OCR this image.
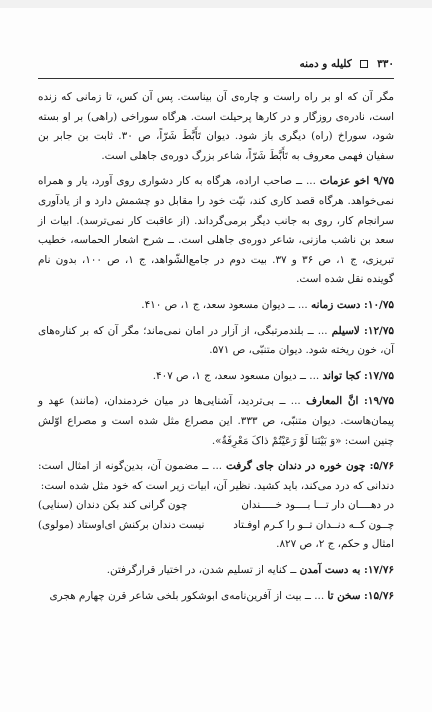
۳۳۰  کلیله و دمنه

مگر آن که او بر راه راست و چاره‌ی آن بیناست. پس آن کس، تا زمانی که زنده است، نادره‌ی روزگار و در کارها پرحیلت است. هرگاه سوراخی (راهی) بر او بسته شود، سوراخ (راه) دیگری باز شود. دیوان تَأَبَّطَ شَرّاً، ص ۳۰. ثابت بن جابر بن سفیان فهمی معروف به تَأَبَّطَ شَرّاً، شاعر بزرگ دوره‌ی جاهلی است.

۹/۷۵ اخو عزمات ... ــ صاحب اراده، هرگاه به کار دشواری روی آورد، یار و همراه نمی‌خواهد. هرگاه قصد کاری کند، نیّت خود را مقابل دو چشمش دارد و از یادآوری سرانجام کار، روی به جانب دیگر برمی‌گرداند. (از عاقبت کار نمی‌ترسد). ابیات از سعد بن ناشب مازنی، شاعر دوره‌ی جاهلی است. ــ شرح اشعار الحماسه، خطیب تبریزی، ج ۱، ص ۳۶ و ۳۷. بیت دوم در جامع‌الشّواهد، ج ۱، ص ۱۰۰، بدون نام گوینده نقل شده است.

۱۰/۷۵: دست زمانه ... ــ دیوان مسعود سعد، ج ۱، ص ۴۱۰.

۱۲/۷۵: لاسیلم ... ــ بلندمرتبگی، از آزار در امان نمی‌ماند؛ مگر آن که بر کناره‌های آن، خون ریخته شود. دیوان متنبّی، ص ۵۷۱.

۱۷/۷۵: کجا تواند ... ــ دیوان مسعود سعد، ج ۱، ص ۴۰۷.

۱۹/۷۵: انَّ المعارف ... ــ بی‌تردید، آشنایی‌ها در میان خردمندان، (مانند) عهد و پیمان‌هاست. دیوان متنبّی، ص ۳۳۳. این مصراع مثل شده است و مصراع اوّلش چنین است: «وَ بَیْنَنا لَوْ رَعَیْتُمْ ذاکَ مَعْرِفَةٌ».

۵/۷۶: چون خوره در دندان جای گرفت ... ــ مضمون آن، بدین‌گونه از امثال است: دندانی که درد می‌کند، باید کشید. نظیر آن، ابیات زیر است که خود مثل شده است:

در دهــــان دار تـــا بــــود خـــــندان
چون گرانی کند بکن دندان (سنایی)
چــون کــه دنــدان تــو را کـرم اوفـتاد
نیست دندان برکنش ای‌اوستاد (مولوی)

امثال و حکم، ج ۲، ص ۸۲۷.

۱۷/۷۶: به دست آمدن ــ کنایه از تسلیم شدن، در اختیار قرارگرفتن.

۱۵/۷۶: سخن تا ... ــ بیت از آفرین‌نامه‌ی ابوشکور بلخی شاعر قرن چهارم هجری
